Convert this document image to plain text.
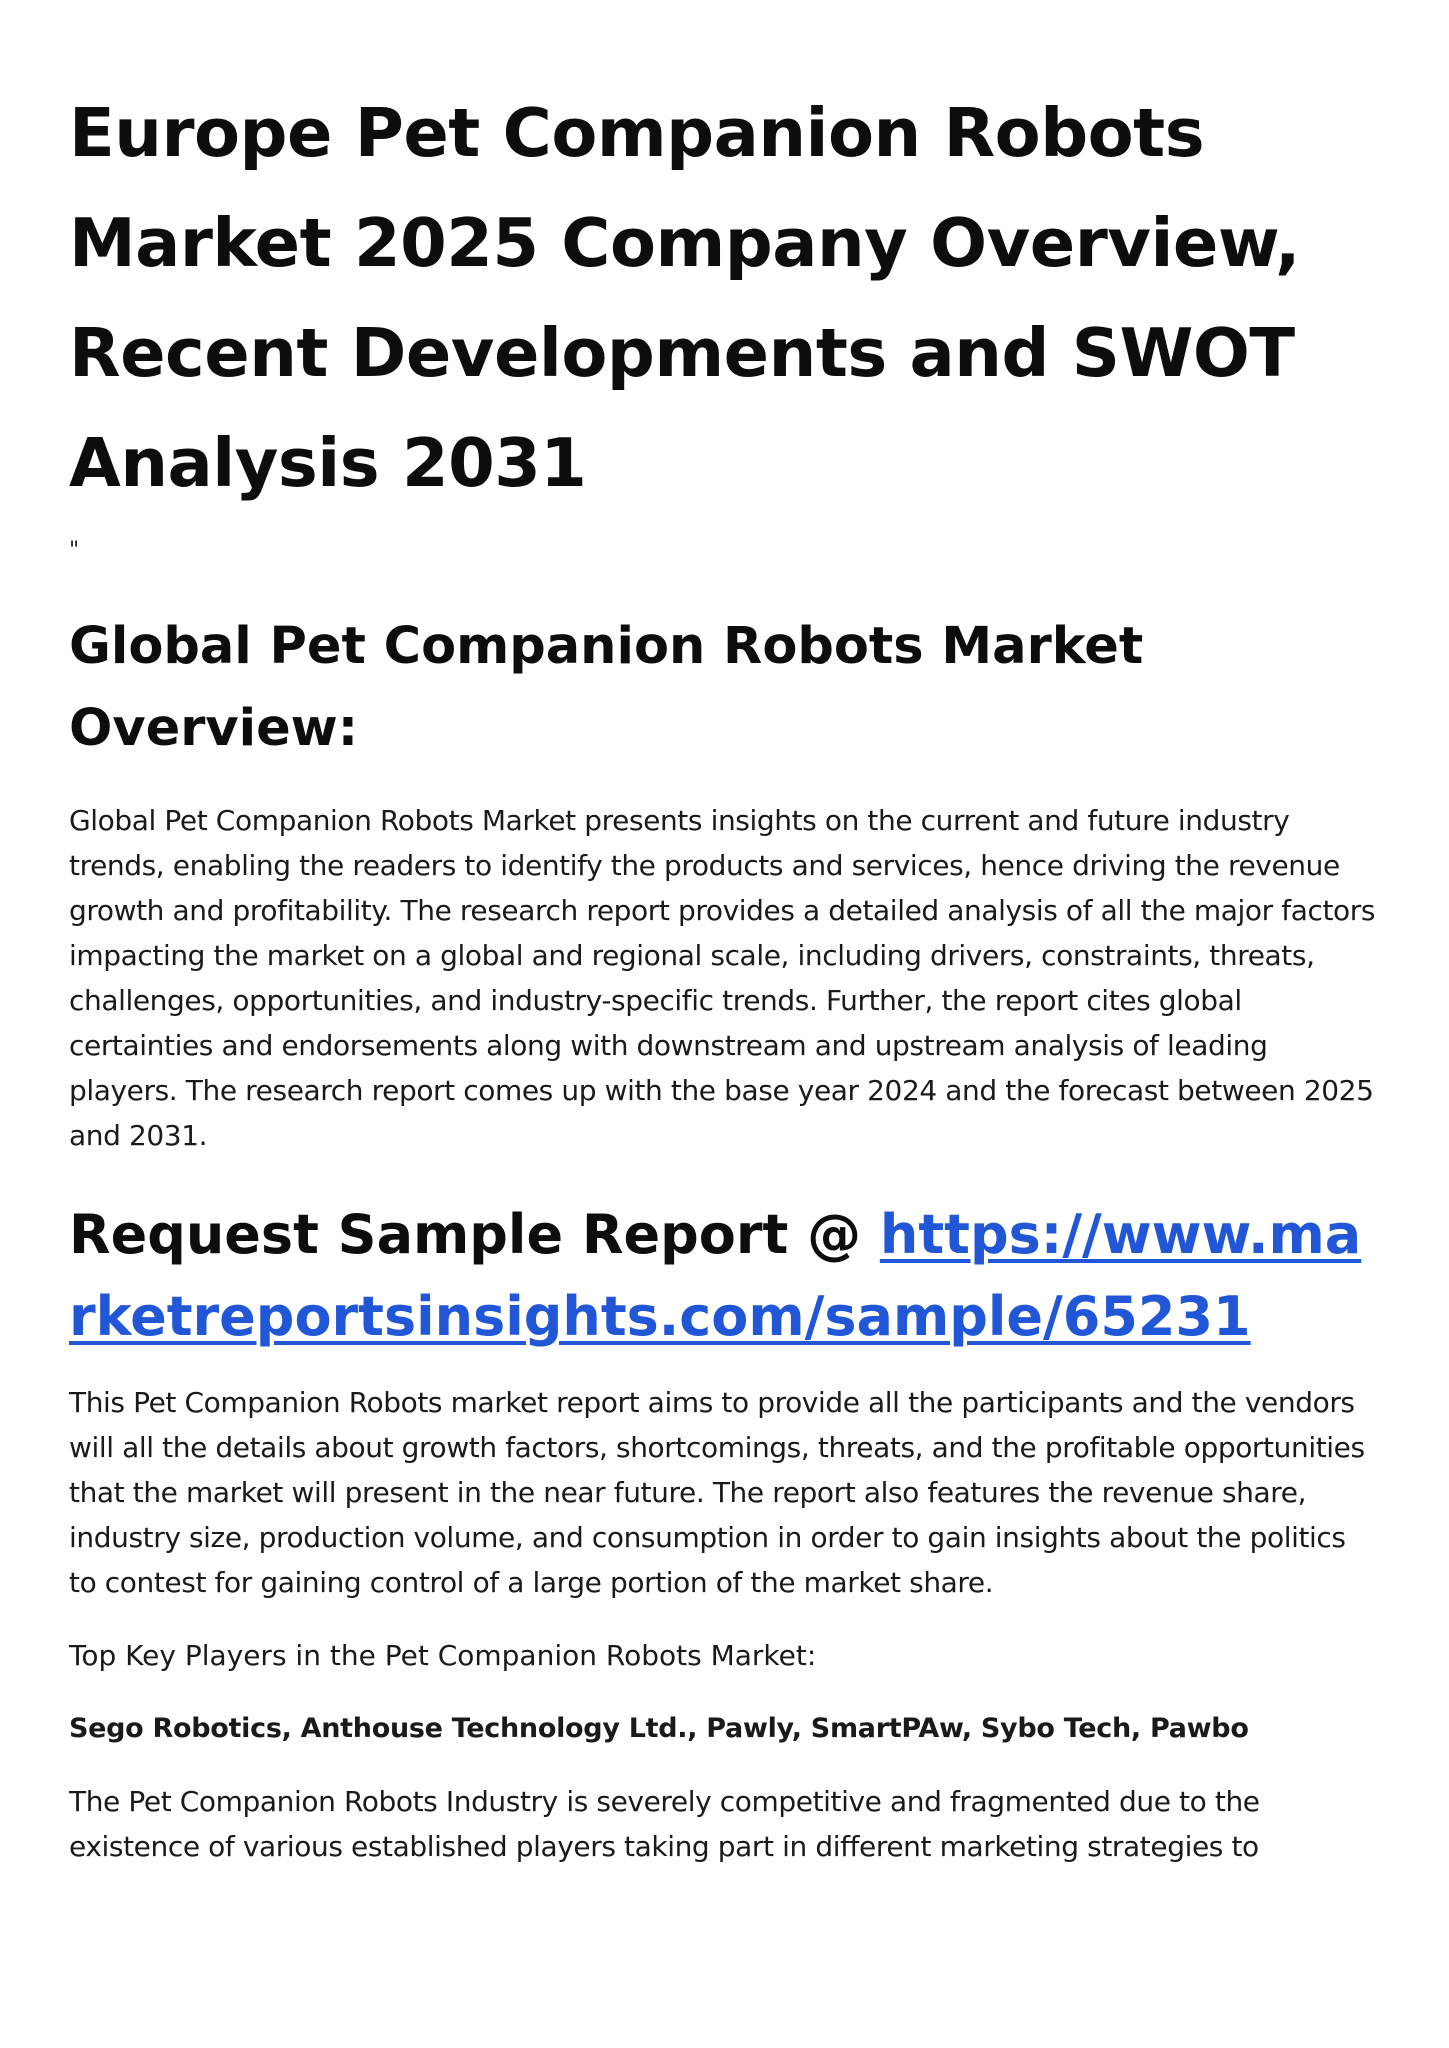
Europe Pet Companion Robots Market 2025 Company Overview, Recent Developments and SWOT Analysis 2031
"
Global Pet Companion Robots Market Overview:

Global Pet Companion Robots Market presents insights on the current and future industry trends, enabling the readers to identify the products and services, hence driving the revenue growth and profitability. The research report provides a detailed analysis of all the major factors impacting the market on a global and regional scale, including drivers, constraints, threats, challenges, opportunities, and industry-specific trends. Further, the report cites global certainties and endorsements along with downstream and upstream analysis of leading players. The research report comes up with the base year 2024 and the forecast between 2025 and 2031.

Request Sample Report @ https://www.marketreportsinsights.com/sample/65231

This Pet Companion Robots market report aims to provide all the participants and the vendors will all the details about growth factors, shortcomings, threats, and the profitable opportunities that the market will present in the near future. The report also features the revenue share, industry size, production volume, and consumption in order to gain insights about the politics to contest for gaining control of a large portion of the market share.

Top Key Players in the Pet Companion Robots Market:

Sego Robotics, Anthouse Technology Ltd., Pawly, SmartPAw, Sybo Tech, Pawbo

The Pet Companion Robots Industry is severely competitive and fragmented due to the existence of various established players taking part in different marketing strategies to
